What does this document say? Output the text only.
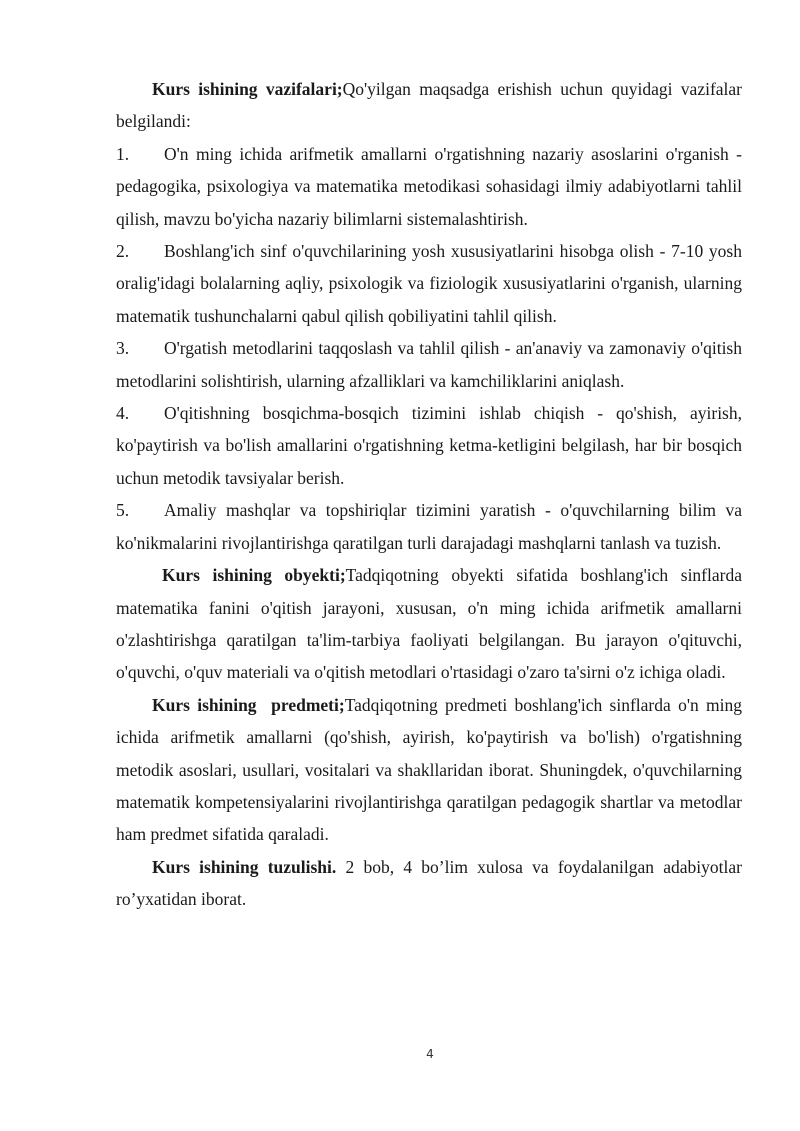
Kurs ishining vazifalari;Qo'yilgan maqsadga erishish uchun quyidagi vazifalar belgilandi:

1. O'n ming ichida arifmetik amallarni o'rgatishning nazariy asoslarini o'rganish - pedagogika, psixologiya va matematika metodikasi sohasidagi ilmiy adabiyotlarni tahlil qilish, mavzu bo'yicha nazariy bilimlarni sistemalashtirish.

2. Boshlang'ich sinf o'quvchilarining yosh xususiyatlarini hisobga olish - 7-10 yosh oralig'idagi bolalarning aqliy, psixologik va fiziologik xususiyatlarini o'rganish, ularning matematik tushunchalarni qabul qilish qobiliyatini tahlil qilish.

3. O'rgatish metodlarini taqqoslash va tahlil qilish - an'anaviy va zamonaviy o'qitish metodlarini solishtirish, ularning afzalliklari va kamchiliklarini aniqlash.

4. O'qitishning bosqichma-bosqich tizimini ishlab chiqish - qo'shish, ayirish, ko'paytirish va bo'lish amallarini o'rgatishning ketma-ketligini belgilash, har bir bosqich uchun metodik tavsiyalar berish.

5. Amaliy mashqlar va topshiriqlar tizimini yaratish - o'quvchilarning bilim va ko'nikmalarini rivojlantirishga qaratilgan turli darajadagi mashqlarni tanlash va tuzish.

Kurs ishining obyekti;Tadqiqotning obyekti sifatida boshlang'ich sinflarda matematika fanini o'qitish jarayoni, xususan, o'n ming ichida arifmetik amallarni o'zlashtirishga qaratilgan ta'lim-tarbiya faoliyati belgilangan. Bu jarayon o'qituvchi, o'quvchi, o'quv materiali va o'qitish metodlari o'rtasidagi o'zaro ta'sirni o'z ichiga oladi.

Kurs ishining  predmeti;Tadqiqotning predmeti boshlang'ich sinflarda o'n ming ichida arifmetik amallarni (qo'shish, ayirish, ko'paytirish va bo'lish) o'rgatishning metodik asoslari, usullari, vositalari va shakllaridan iborat. Shuningdek, o'quvchilarning matematik kompetensiyalarini rivojlantirishga qaratilgan pedagogik shartlar va metodlar ham predmet sifatida qaraladi.

Kurs ishining tuzulishi. 2 bob, 4 bo’lim xulosa va foydalanilgan adabiyotlar ro’yxatidan iborat.

4
